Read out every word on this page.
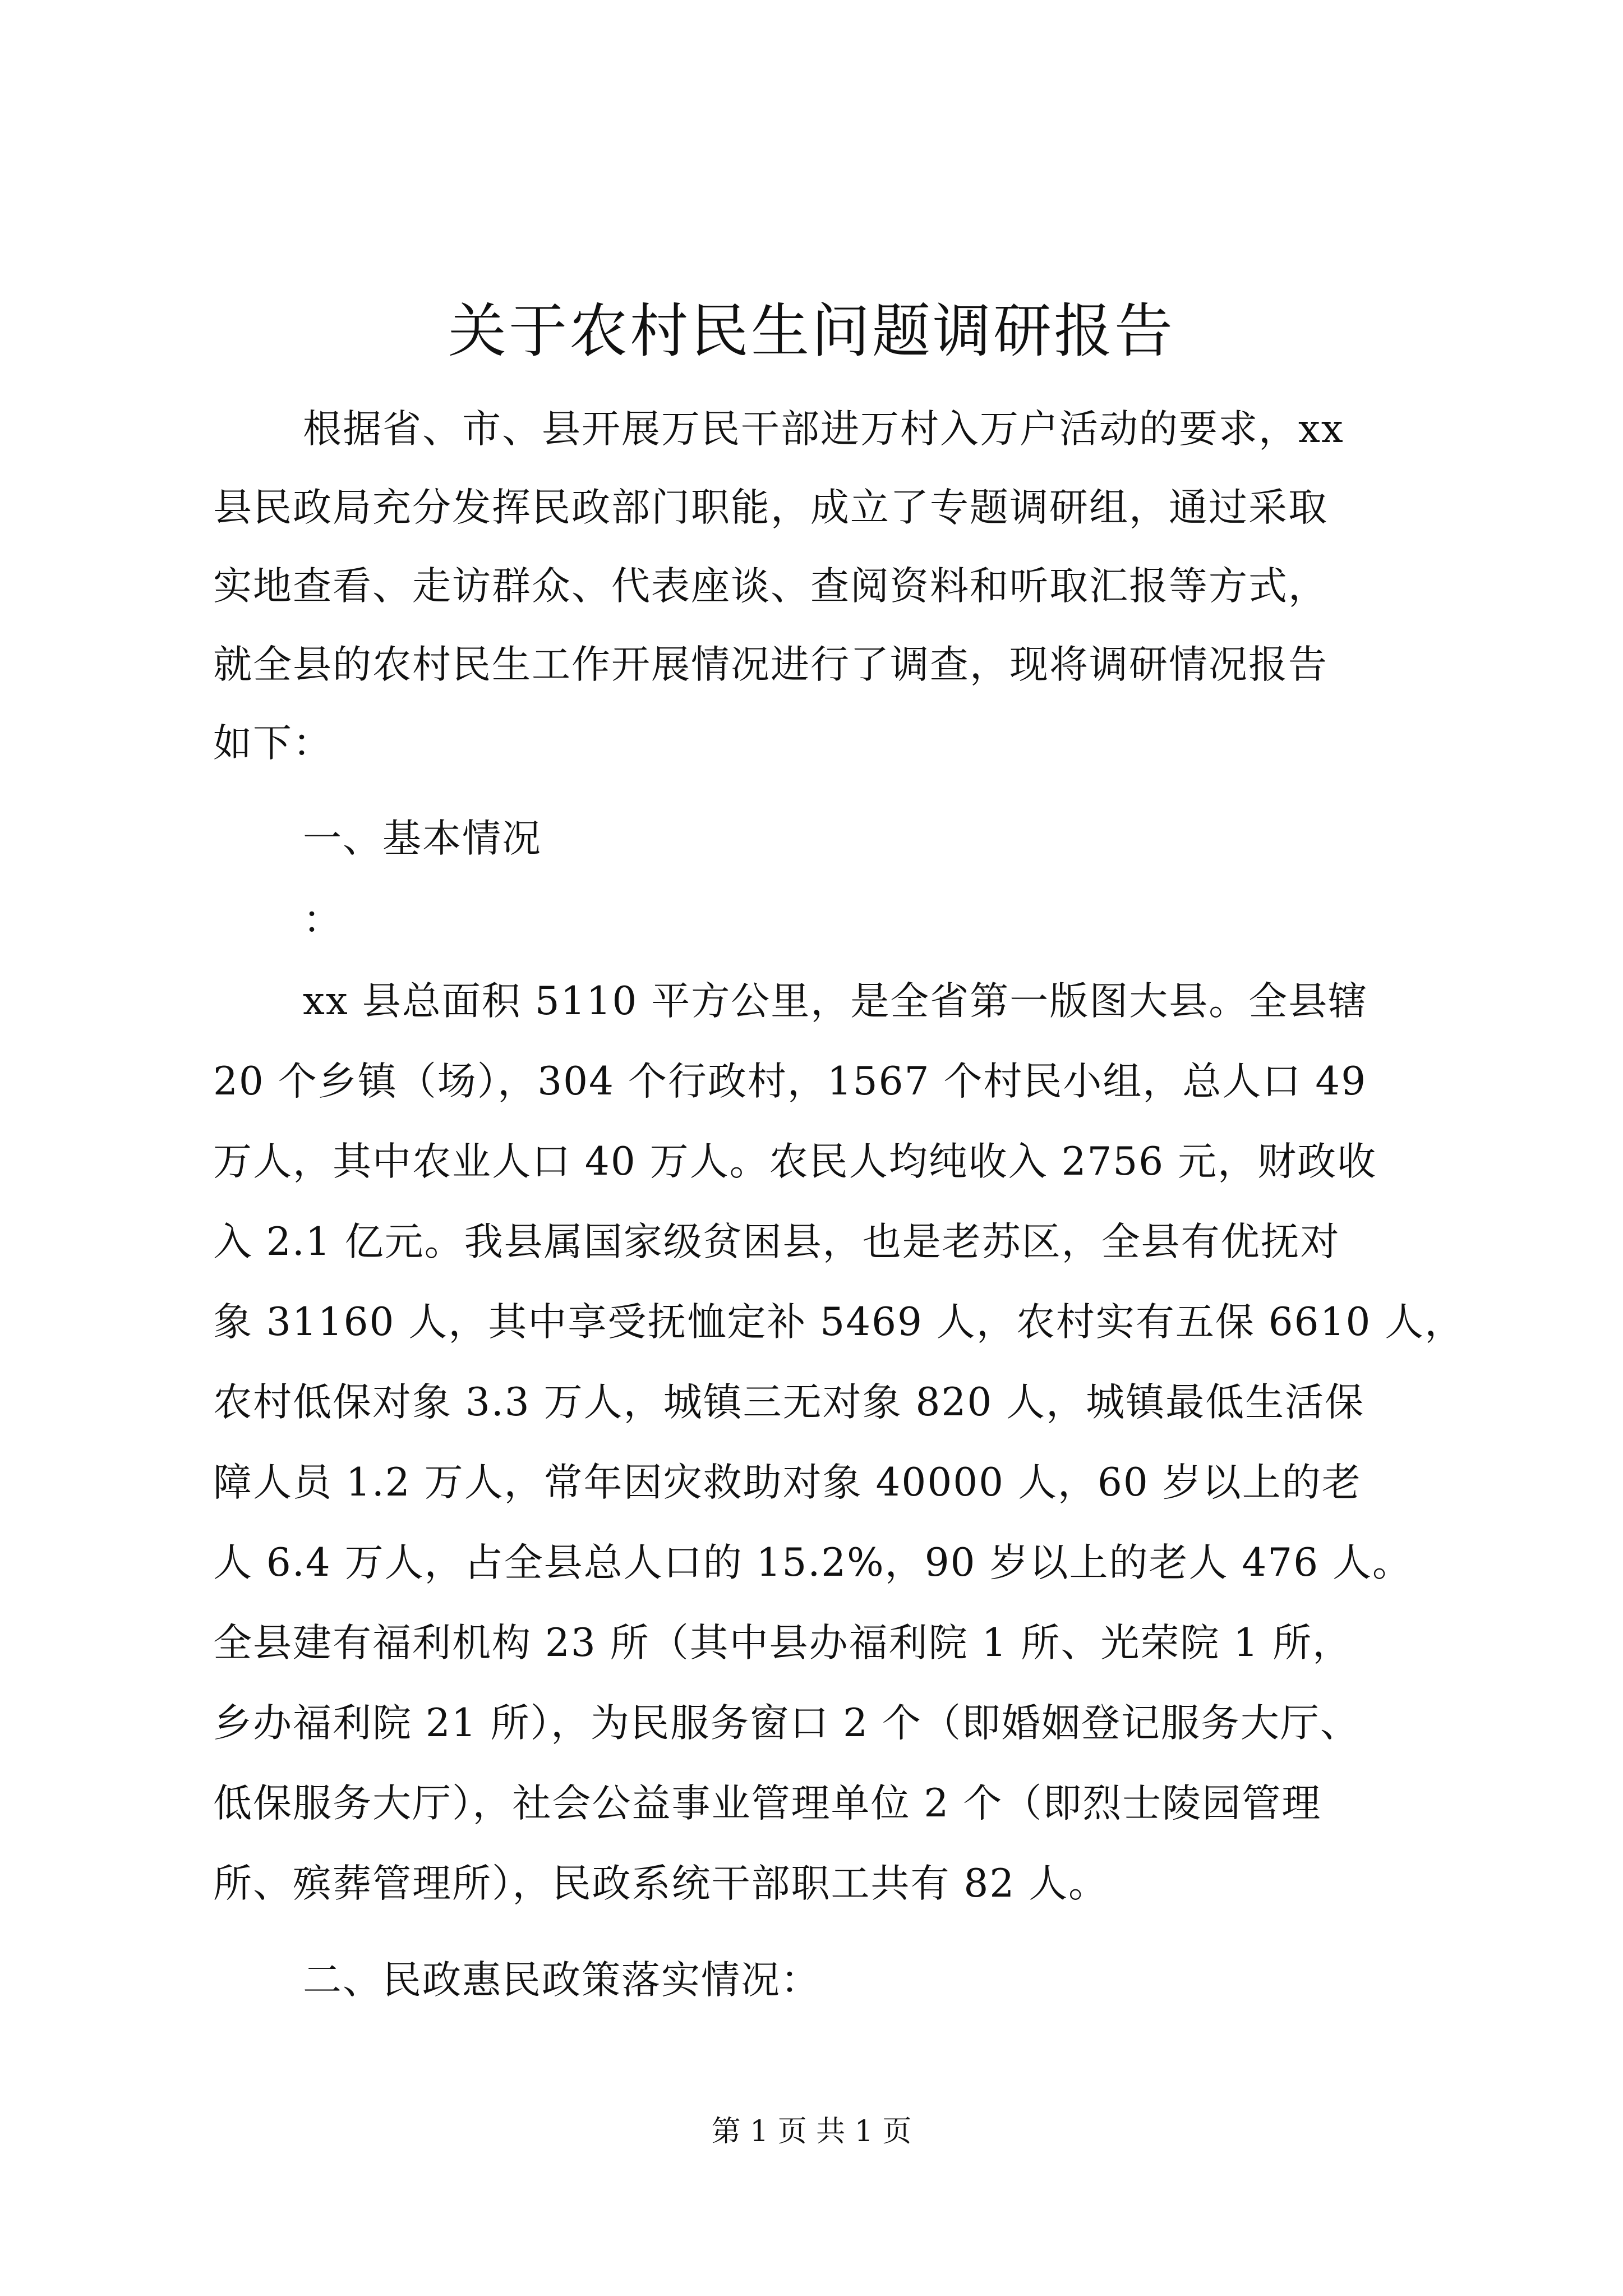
关于农村民生问题调研报告
根据省、市、县开展万民干部进万村入万户活动的要求，xx
县民政局充分发挥民政部门职能，成立了专题调研组，通过采取
实地查看、走访群众、代表座谈、查阅资料和听取汇报等方式，
就全县的农村民生工作开展情况进行了调查，现将调研情况报告
如下：
一、基本情况
：
xx 县总面积 5110 平方公里，是全省第一版图大县。全县辖
20 个乡镇（场），304 个行政村，1567 个村民小组，总人口 49
万人，其中农业人口 40 万人。农民人均纯收入 2756 元，财政收
入 2.1 亿元。我县属国家级贫困县，也是老苏区，全县有优抚对
象 31160 人，其中享受抚恤定补 5469 人，农村实有五保 6610 人，
农村低保对象 3.3 万人，城镇三无对象 820 人，城镇最低生活保
障人员 1.2 万人，常年因灾救助对象 40000 人，60 岁以上的老
人 6.4 万人，占全县总人口的 15.2%，90 岁以上的老人 476 人。
全县建有福利机构 23 所（其中县办福利院 1 所、光荣院 1 所，
乡办福利院 21 所），为民服务窗口 2 个（即婚姻登记服务大厅、
低保服务大厅），社会公益事业管理单位 2 个（即烈士陵园管理
所、殡葬管理所），民政系统干部职工共有 82 人。
二、民政惠民政策落实情况：
第 1 页 共 1 页
